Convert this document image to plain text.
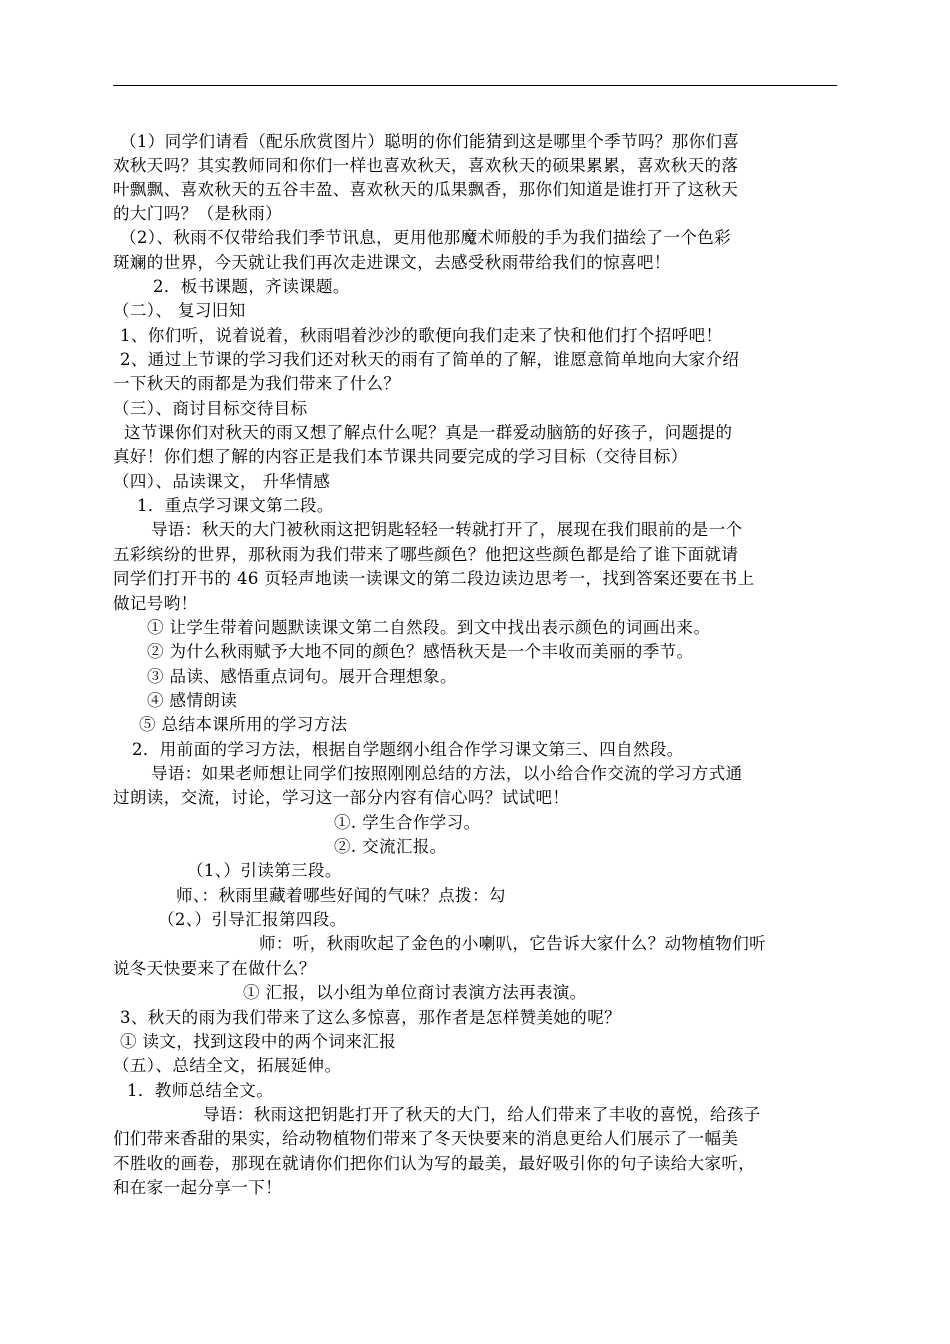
（1）同学们请看（配乐欣赏图片）聪明的你们能猜到这是哪里个季节吗？那你们喜
欢秋天吗？其实教师同和你们一样也喜欢秋天，喜欢秋天的硕果累累，喜欢秋天的落
叶飘飘、喜欢秋天的五谷丰盈、喜欢秋天的瓜果飘香，那你们知道是谁打开了这秋天
的大门吗？（是秋雨）
（2）、秋雨不仅带给我们季节讯息，更用他那魔术师般的手为我们描绘了一个色彩
斑斓的世界，今天就让我们再次走进课文，去感受秋雨带给我们的惊喜吧！
2．板书课题，齐读课题。
（二）、 复习旧知
1、你们听，说着说着，秋雨唱着沙沙的歌便向我们走来了快和他们打个招呼吧！
2、通过上节课的学习我们还对秋天的雨有了简单的了解，谁愿意简单地向大家介绍
一下秋天的雨都是为我们带来了什么？
（三）、商讨目标交待目标
这节课你们对秋天的雨又想了解点什么呢？真是一群爱动脑筋的好孩子，问题提的
真好！你们想了解的内容正是我们本节课共同要完成的学习目标（交待目标）
（四）、品读课文， 升华情感
1．重点学习课文第二段。
导语：秋天的大门被秋雨这把钥匙轻轻一转就打开了，展现在我们眼前的是一个
五彩缤纷的世界，那秋雨为我们带来了哪些颜色？他把这些颜色都是给了谁下面就请
同学们打开书的 46 页轻声地读一读课文的第二段边读边思考一，找到答案还要在书上
做记号哟！
① 让学生带着问题默读课文第二自然段。到文中找出表示颜色的词画出来。
② 为什么秋雨赋予大地不同的颜色？感悟秋天是一个丰收而美丽的季节。
③ 品读、感悟重点词句。展开合理想象。
④ 感情朗读
⑤ 总结本课所用的学习方法
2．用前面的学习方法，根据自学题纲小组合作学习课文第三、四自然段。
导语：如果老师想让同学们按照刚刚总结的方法，以小给合作交流的学习方式通
过朗读，交流，讨论，学习这一部分内容有信心吗？试试吧！
①. 学生合作学习。
②. 交流汇报。
（1、）引读第三段。
师、：秋雨里藏着哪些好闻的气味？点拨：勾
（2、）引导汇报第四段。
师：听，秋雨吹起了金色的小喇叭，它告诉大家什么？动物植物们听
说冬天快要来了在做什么？
① 汇报，以小组为单位商讨表演方法再表演。
3、秋天的雨为我们带来了这么多惊喜，那作者是怎样赞美她的呢？
① 读文，找到这段中的两个词来汇报
（五）、总结全文，拓展延伸。
1．教师总结全文。
导语：秋雨这把钥匙打开了秋天的大门，给人们带来了丰收的喜悦，给孩子
们们带来香甜的果实，给动物植物们带来了冬天快要来的消息更给人们展示了一幅美
不胜收的画卷，那现在就请你们把你们认为写的最美，最好吸引你的句子读给大家听，
和在家一起分享一下！
